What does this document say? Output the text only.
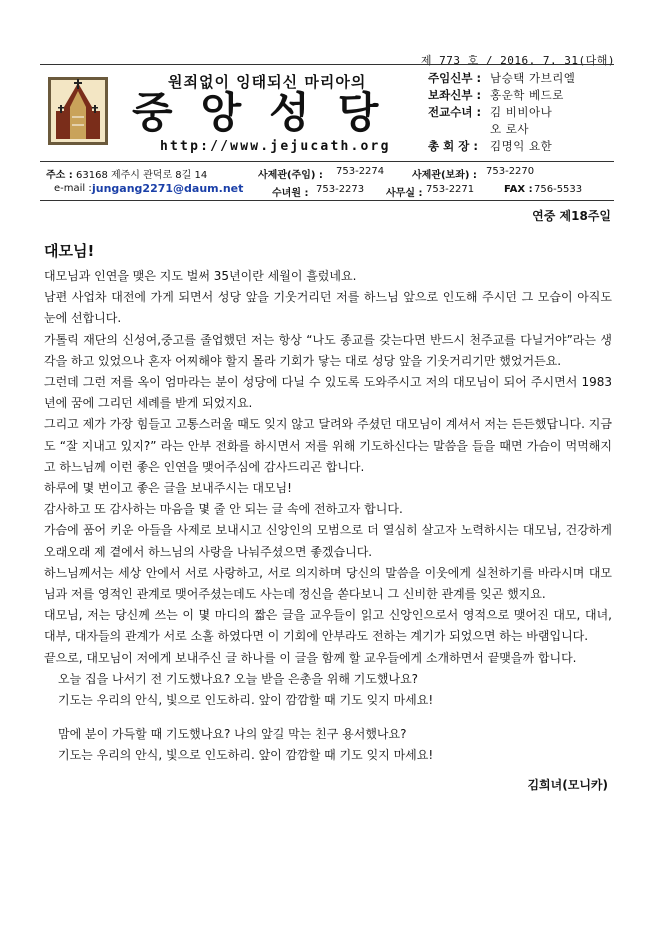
제 773 호 / 2016. 7. 31(다해)
원죄없이 잉태되신 마리아의
중앙성당
http://www.jejucath.org
주임신부 : 남승택 가브리엘
보좌신부 : 홍운학 베드로
전교수녀 : 김 비비아나
오 로사
총 회 장 :	김명익 요한
주소 : 63168 제주시 관덕로 8길 14	사제관(주임) : 753-2274	사제관(보좌) : 753-2270
e-mail : jungang2271@daum.net	수녀원 : 753-2273 사무실 : 753-2271	FAX : 756-5533
연중 제18주일
대모님!

대모님과 인연을 맺은 지도 벌써 35년이란 세월이 흘렀네요.

남편 사업차 대전에 가게 되면서 성당 앞을 기웃거리던 저를 하느님 앞으로 인도해 주시던 그 모습이 아직도 눈에 선합니다.

가톨릭 재단의 신성여,중고를 졸업했던 저는 항상 “나도 종교를 갖는다면 반드시 천주교를 다닐거야”라는 생각을 하고 있었으나 혼자 어찌해야 할지 몰라 기회가 닿는 대로 성당 앞을 기웃거리기만 했었거든요.

그런데 그런 저를 옥이 엄마라는 분이 성당에 다닐 수 있도록 도와주시고 저의 대모님이 되어 주시면서 1983년에 꿈에 그리던 세례를 받게 되었지요.

그리고 제가 가장 힘들고 고통스러울 때도 잊지 않고 달려와 주셨던 대모님이 계셔서 저는 든든했답니다. 지금도 “잘 지내고 있지?” 라는 안부 전화를 하시면서 저를 위해 기도하신다는 말씀을 들을 때면 가슴이 먹먹해지고 하느님께 이런 좋은 인연을 맺어주심에 감사드리곤 합니다.

하루에 몇 번이고 좋은 글을 보내주시는 대모님!

감사하고 또 감사하는 마음을 몇 줄 안 되는 글 속에 전하고자 합니다.

가슴에 품어 키운 아들을 사제로 보내시고 신앙인의 모범으로 더 열심히 살고자 노력하시는 대모님, 건강하게 오래오래 제 곁에서 하느님의 사랑을 나눠주셨으면 좋겠습니다.

하느님께서는 세상 안에서 서로 사랑하고, 서로 의지하며 당신의 말씀을 이웃에게 실천하기를 바라시며 대모님과 저를 영적인 관계로 맺어주셨는데도 사는데 정신을 쏟다보니 그 신비한 관계를 잊곤 했지요.

대모님, 저는 당신께 쓰는 이 몇 마디의 짧은 글을 교우들이 읽고 신앙인으로서 영적으로 맺어진 대모, 대녀, 대부, 대자들의 관계가 서로 소홀 하였다면 이 기회에 안부라도 전하는 계기가 되었으면 하는 바램입니다.

끝으로, 대모님이 저에게 보내주신 글 하나를 이 글을 함께 할 교우들에게 소개하면서 끝맺을까 합니다.

오늘 집을 나서기 전 기도했나요? 오늘 받을 은총을 위해 기도했나요?

기도는 우리의 안식, 빛으로 인도하리. 앞이 깜깜할 때 기도 잊지 마세요!

맘에 분이 가득할 때 기도했나요? 나의 앞길 막는 친구 용서했나요?

기도는 우리의 안식, 빛으로 인도하리. 앞이 깜깜할 때 기도 잊지 마세요!

김희녀(모니카)
